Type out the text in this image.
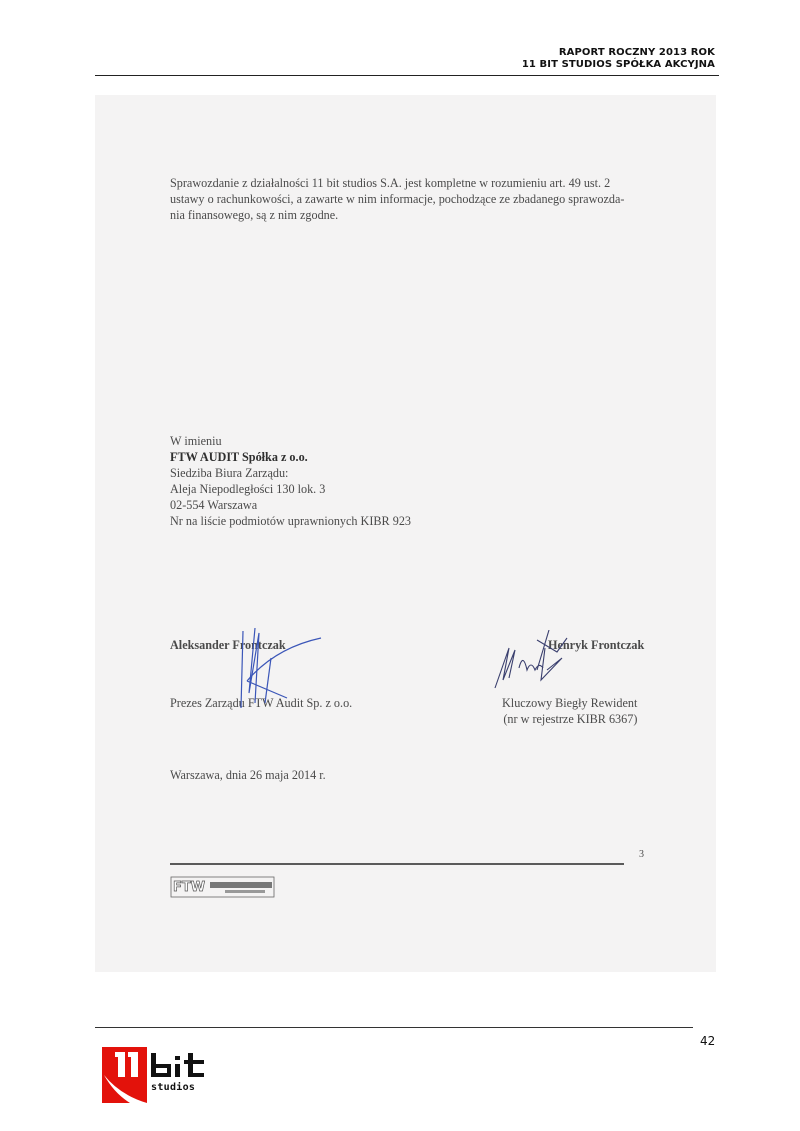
RAPORT ROCZNY 2013 ROK
11 BIT STUDIOS SPÓŁKA AKCYJNA
Sprawozdanie z działalności 11 bit studios S.A. jest kompletne w rozumieniu art. 49 ust. 2
ustawy o rachunkowości, a zawarte w nim informacje, pochodzące ze zbadanego sprawozda-
nia finansowego, są z nim zgodne.
W imieniu
FTW AUDIT Spółka z o.o.
Siedziba Biura Zarządu:
Aleja Niepodległości 130 lok. 3
02-554 Warszawa
Nr na liście podmiotów uprawnionych KIBR 923
Aleksander Frontczak
Prezes Zarządu FTW Audit Sp. z o.o.
Henryk Frontczak
Kluczowy Biegły Rewident
(nr w rejestrze KIBR 6367)
Warszawa, dnia 26 maja 2014 r.
3
FTW
42
studios
